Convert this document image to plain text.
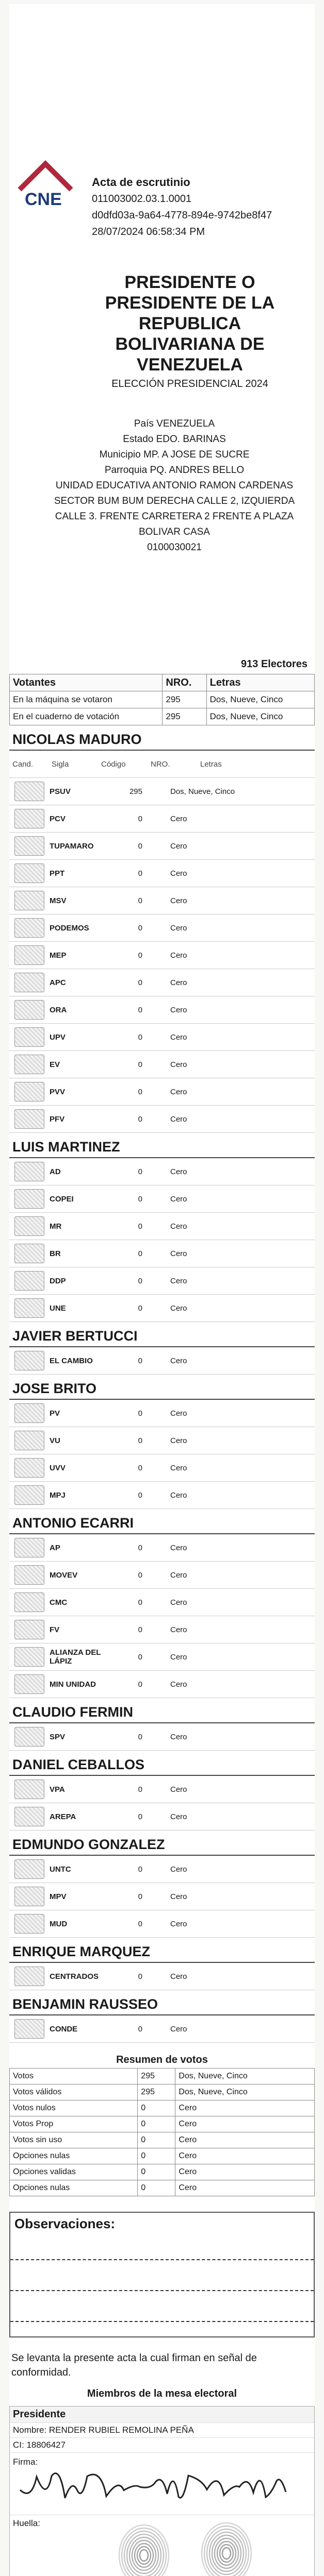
CNE
Acta de escrutinio
011003002.03.1.0001
d0dfd03a-9a64-4778-894e-9742be8f47
28/07/2024 06:58:34 PM
PRESIDENTE O PRESIDENTE DE LA REPUBLICA BOLIVARIANA DE VENEZUELA
ELECCIÓN PRESIDENCIAL 2024
País VENEZUELA
Estado EDO. BARINAS
Municipio MP. A JOSE DE SUCRE
Parroquia PQ. ANDRES BELLO
UNIDAD EDUCATIVA ANTONIO RAMON CARDENAS
SECTOR BUM BUM DERECHA CALLE 2, IZQUIERDA CALLE 3. FRENTE CARRETERA 2 FRENTE A PLAZA BOLIVAR CASA
0100030021
913 Electores
Votantes	NRO.	Letras
En la máquina se votaron	295	Dos, Nueve, Cinco
En el cuaderno de votación	295	Dos, Nueve, Cinco
NICOLAS MADURO
Cand.	Sigla	Código	NRO.	Letras
PSUV	295	Dos, Nueve, Cinco
PCV	0	Cero
TUPAMARO	0	Cero
PPT	0	Cero
MSV	0	Cero
PODEMOS	0	Cero
MEP	0	Cero
APC	0	Cero
ORA	0	Cero
UPV	0	Cero
EV	0	Cero
PVV	0	Cero
PFV	0	Cero
LUIS MARTINEZ
AD	0	Cero
COPEI	0	Cero
MR	0	Cero
BR	0	Cero
DDP	0	Cero
UNE	0	Cero
JAVIER BERTUCCI
EL CAMBIO	0	Cero
JOSE BRITO
PV	0	Cero
VU	0	Cero
UVV	0	Cero
MPJ	0	Cero
ANTONIO ECARRI
AP	0	Cero
MOVEV	0	Cero
CMC	0	Cero
FV	0	Cero
ALIANZA DEL LÁPIZ	0	Cero
MIN UNIDAD	0	Cero
CLAUDIO FERMIN
SPV	0	Cero
DANIEL CEBALLOS
VPA	0	Cero
AREPA	0	Cero
EDMUNDO GONZALEZ
UNTC	0	Cero
MPV	0	Cero
MUD	0	Cero
ENRIQUE MARQUEZ
CENTRADOS	0	Cero
BENJAMIN RAUSSEO
CONDE	0	Cero
Resumen de votos
Votos	295	Dos, Nueve, Cinco
Votos válidos	295	Dos, Nueve, Cinco
Votos nulos	0	Cero
Votos Prop	0	Cero
Votos sin uso	0	Cero
Opciones nulas	0	Cero
Opciones validas	0	Cero
Opciones nulas	0	Cero
Observaciones:
Se levanta la presente acta la cual firman en señal de conformidad.
Miembros de la mesa electoral
Presidente
Nombre: RENDER RUBIEL REMOLINA PEÑA
CI: 18806427
Firma:
Huella:
